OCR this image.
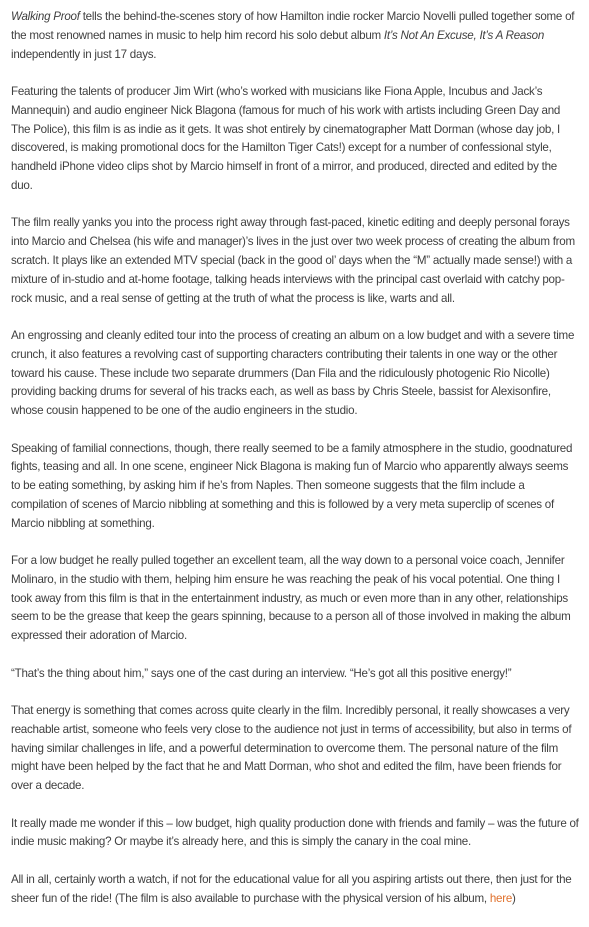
Walking Proof tells the behind-the-scenes story of how Hamilton indie rocker Marcio Novelli pulled together some of the most renowned names in music to help him record his solo debut album It’s Not An Excuse, It’s A Reason independently in just 17 days.

Featuring the talents of producer Jim Wirt (who’s worked with musicians like Fiona Apple, Incubus and Jack’s Mannequin) and audio engineer Nick Blagona (famous for much of his work with artists including Green Day and The Police), this film is as indie as it gets. It was shot entirely by cinematographer Matt Dorman (whose day job, I discovered, is making promotional docs for the Hamilton Tiger Cats!) except for a number of confessional style, handheld iPhone video clips shot by Marcio himself in front of a mirror, and produced, directed and edited by the duo.

The film really yanks you into the process right away through fast-paced, kinetic editing and deeply personal forays into Marcio and Chelsea (his wife and manager)’s lives in the just over two week process of creating the album from scratch. It plays like an extended MTV special (back in the good ol’ days when the “M” actually made sense!) with a mixture of in-studio and at-home footage, talking heads interviews with the principal cast overlaid with catchy pop-rock music, and a real sense of getting at the truth of what the process is like, warts and all.

An engrossing and cleanly edited tour into the process of creating an album on a low budget and with a severe time crunch, it also features a revolving cast of supporting characters contributing their talents in one way or the other toward his cause. These include two separate drummers (Dan Fila and the ridiculously photogenic Rio Nicolle) providing backing drums for several of his tracks each, as well as bass by Chris Steele, bassist for Alexisonfire, whose cousin happened to be one of the audio engineers in the studio.

Speaking of familial connections, though, there really seemed to be a family atmosphere in the studio, goodnatured fights, teasing and all. In one scene, engineer Nick Blagona is making fun of Marcio who apparently always seems to be eating something, by asking him if he’s from Naples. Then someone suggests that the film include a compilation of scenes of Marcio nibbling at something and this is followed by a very meta superclip of scenes of Marcio nibbling at something.

For a low budget he really pulled together an excellent team, all the way down to a personal voice coach, Jennifer Molinaro, in the studio with them, helping him ensure he was reaching the peak of his vocal potential. One thing I took away from this film is that in the entertainment industry, as much or even more than in any other, relationships seem to be the grease that keep the gears spinning, because to a person all of those involved in making the album expressed their adoration of Marcio.

“That’s the thing about him,” says one of the cast during an interview. “He’s got all this positive energy!”

That energy is something that comes across quite clearly in the film. Incredibly personal, it really showcases a very reachable artist, someone who feels very close to the audience not just in terms of accessibility, but also in terms of having similar challenges in life, and a powerful determination to overcome them. The personal nature of the film might have been helped by the fact that he and Matt Dorman, who shot and edited the film, have been friends for over a decade.

It really made me wonder if this – low budget, high quality production done with friends and family – was the future of indie music making? Or maybe it’s already here, and this is simply the canary in the coal mine.

All in all, certainly worth a watch, if not for the educational value for all you aspiring artists out there, then just for the sheer fun of the ride! (The film is also available to purchase with the physical version of his album, here)
